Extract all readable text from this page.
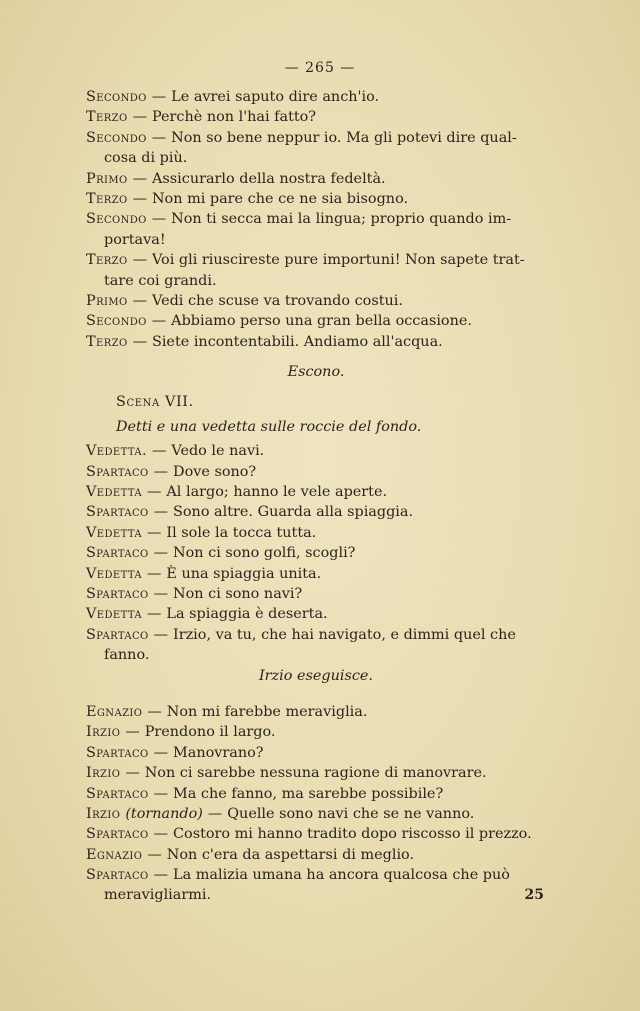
— 265 —
Secondo — Le avrei saputo dire anch'io.
Terzo — Perchè non l'hai fatto?
Secondo — Non so bene neppur io. Ma gli potevi dire qual-
cosa di più.
Primo — Assicurarlo della nostra fedeltà.
Terzo — Non mi pare che ce ne sia bisogno.
Secondo — Non ti secca mai la lingua; proprio quando im-
portava!
Terzo — Voi gli riuscireste pure importuni! Non sapete trat-
tare coi grandi.
Primo — Vedi che scuse va trovando costui.
Secondo — Abbiamo perso una gran bella occasione.
Terzo — Siete incontentabili. Andiamo all'acqua.
Escono.
Scena VII.
Detti e una vedetta sulle roccie del fondo.
Vedetta. — Vedo le navi.
Spartaco — Dove sono?
Vedetta — Al largo; hanno le vele aperte.
Spartaco — Sono altre. Guarda alla spiaggia.
Vedetta — Il sole la tocca tutta.
Spartaco — Non ci sono golfi, scogli?
Vedetta — È una spiaggia unita.
Spartaco — Non ci sono navi?
Vedetta — La spiaggia è deserta.
Spartaco — Irzio, va tu, che hai navigato, e dimmi quel che
fanno.
Irzio eseguisce.
Egnazio — Non mi farebbe meraviglia.
Irzio — Prendono il largo.
Spartaco — Manovrano?
Irzio — Non ci sarebbe nessuna ragione di manovrare.
Spartaco — Ma che fanno, ma sarebbe possibile?
Irzio (tornando) — Quelle sono navi che se ne vanno.
Spartaco — Costoro mi hanno tradito dopo riscosso il prezzo.
Egnazio — Non c'era da aspettarsi di meglio.
Spartaco — La malizia umana ha ancora qualcosa che può
meravigliarmi.	25
